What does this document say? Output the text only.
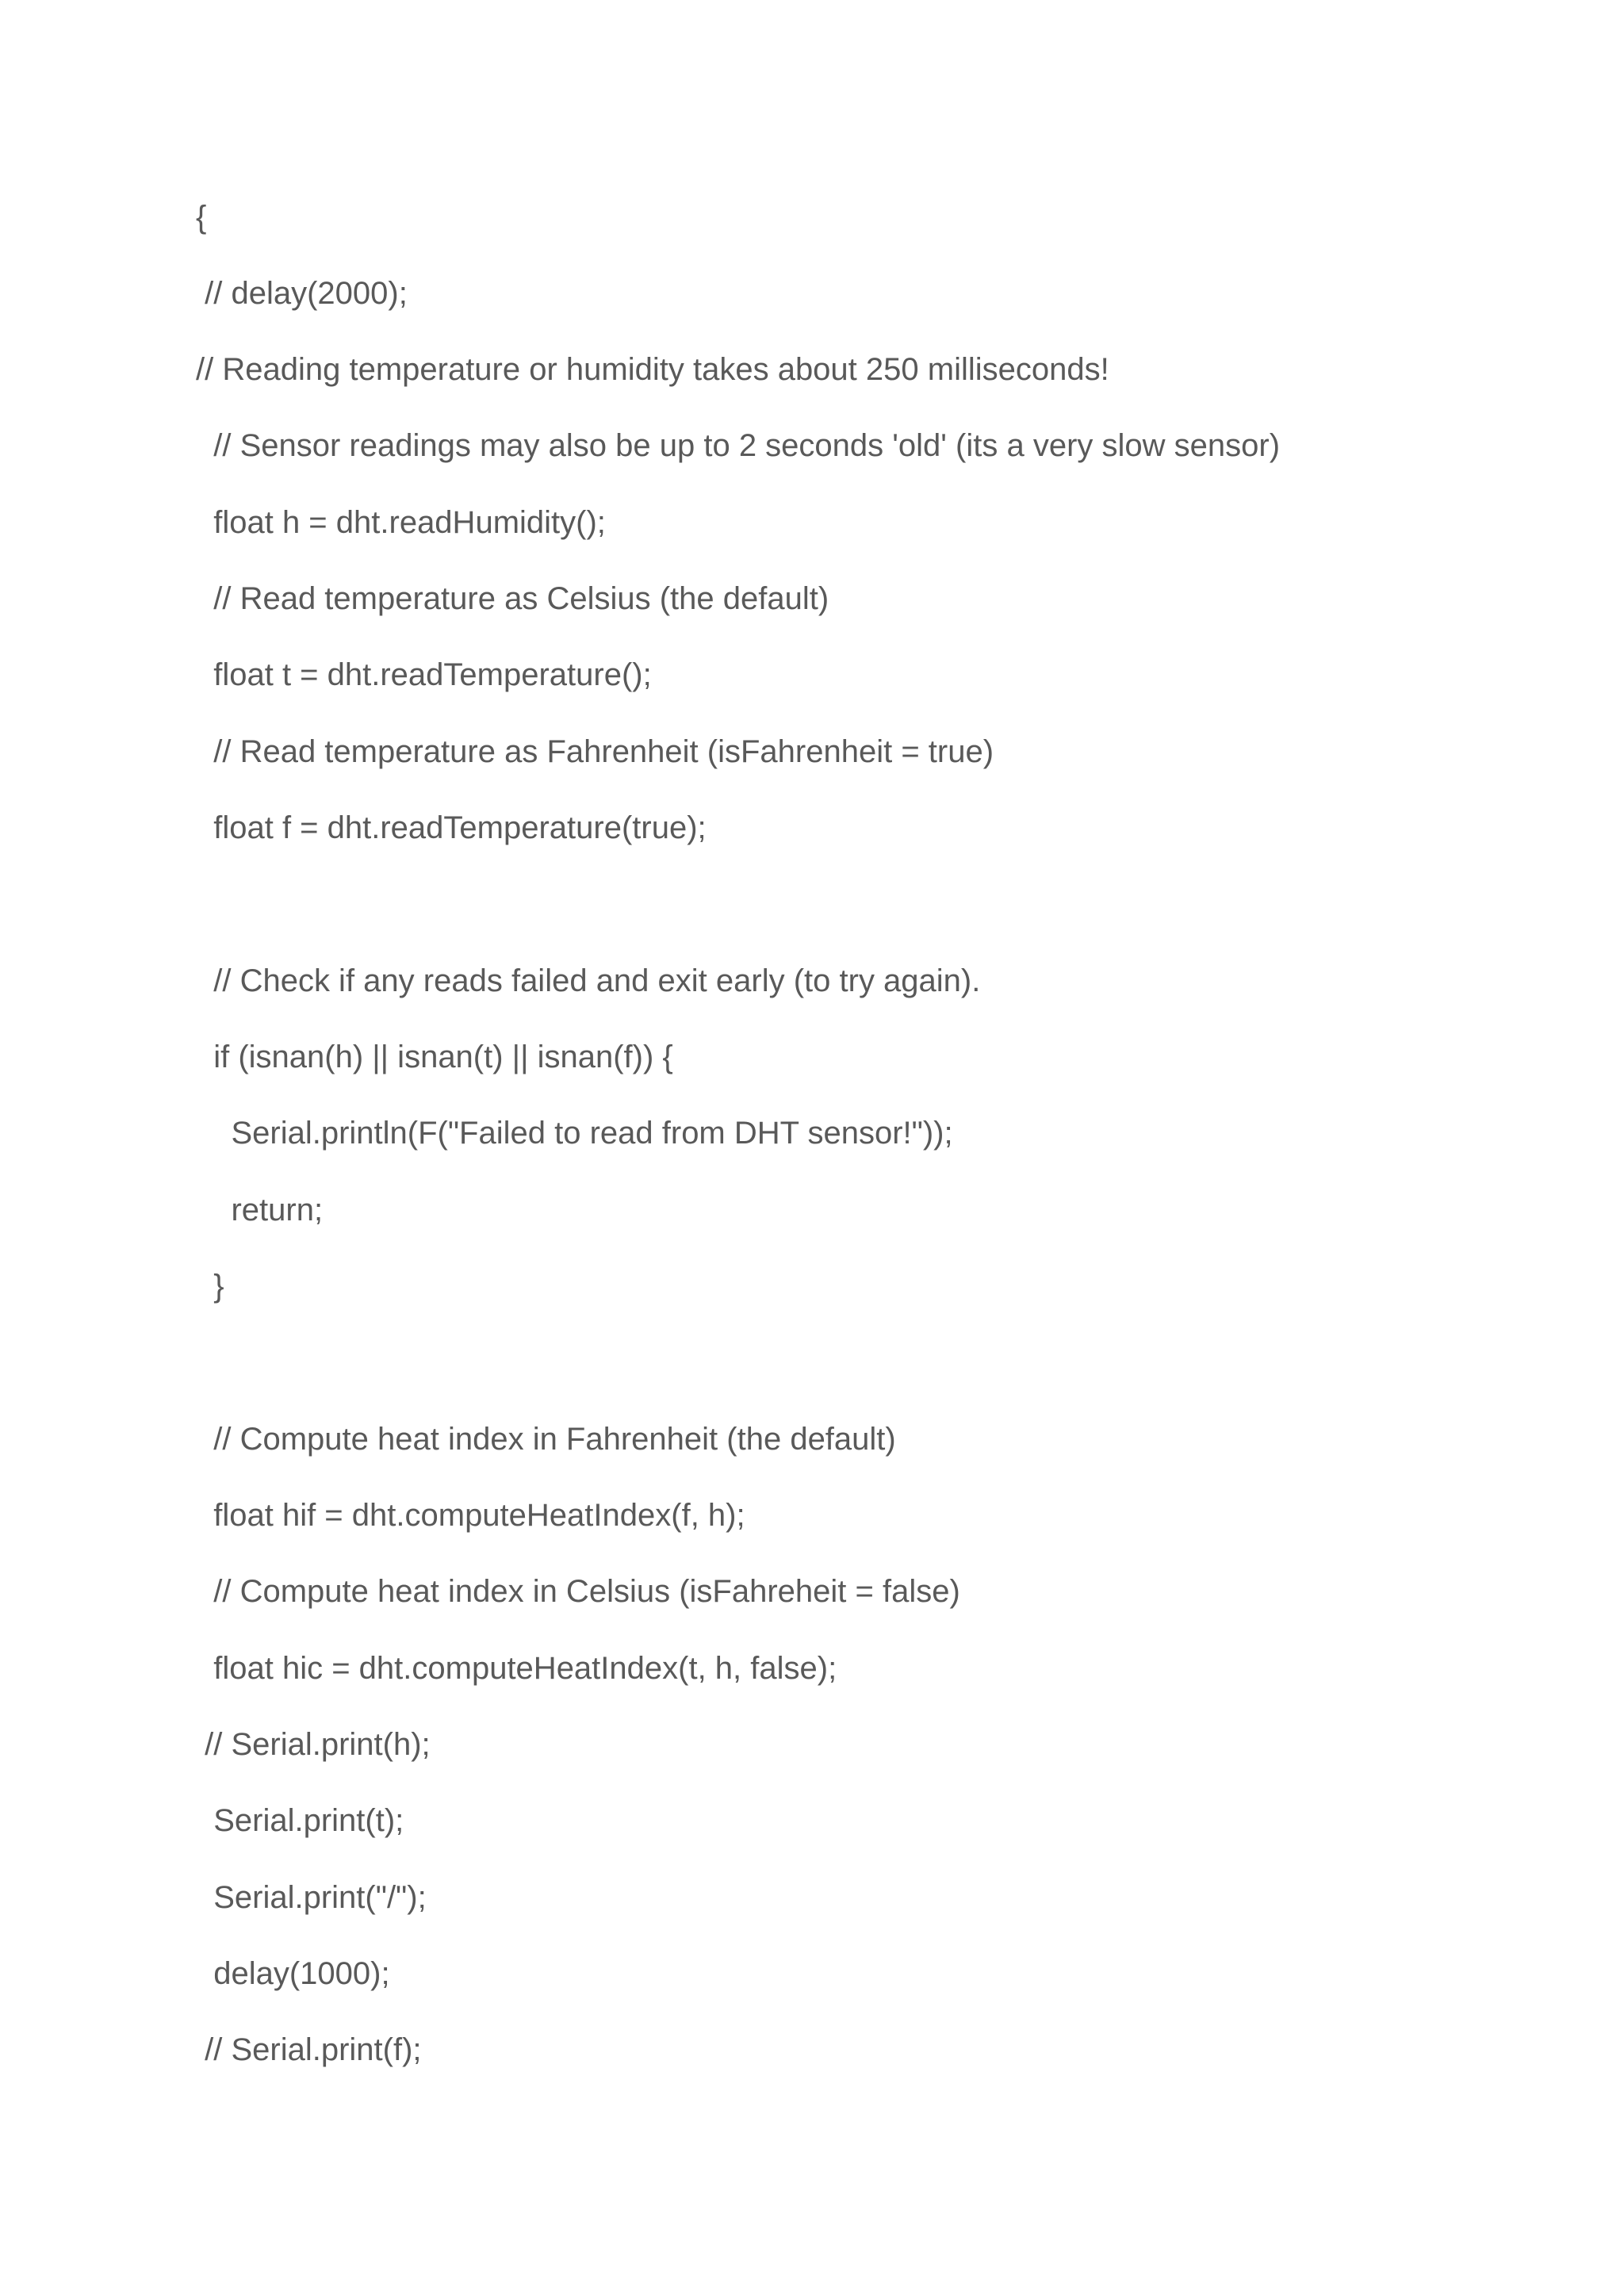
{
// delay(2000);
// Reading temperature or humidity takes about 250 milliseconds!
// Sensor readings may also be up to 2 seconds 'old' (its a very slow sensor)
float h = dht.readHumidity();
// Read temperature as Celsius (the default)
float t = dht.readTemperature();
// Read temperature as Fahrenheit (isFahrenheit = true)
float f = dht.readTemperature(true);
// Check if any reads failed and exit early (to try again).
if (isnan(h) || isnan(t) || isnan(f)) {
Serial.println(F("Failed to read from DHT sensor!"));
return;
}
// Compute heat index in Fahrenheit (the default)
float hif = dht.computeHeatIndex(f, h);
// Compute heat index in Celsius (isFahreheit = false)
float hic = dht.computeHeatIndex(t, h, false);
// Serial.print(h);
Serial.print(t);
Serial.print("/");
delay(1000);
// Serial.print(f);
